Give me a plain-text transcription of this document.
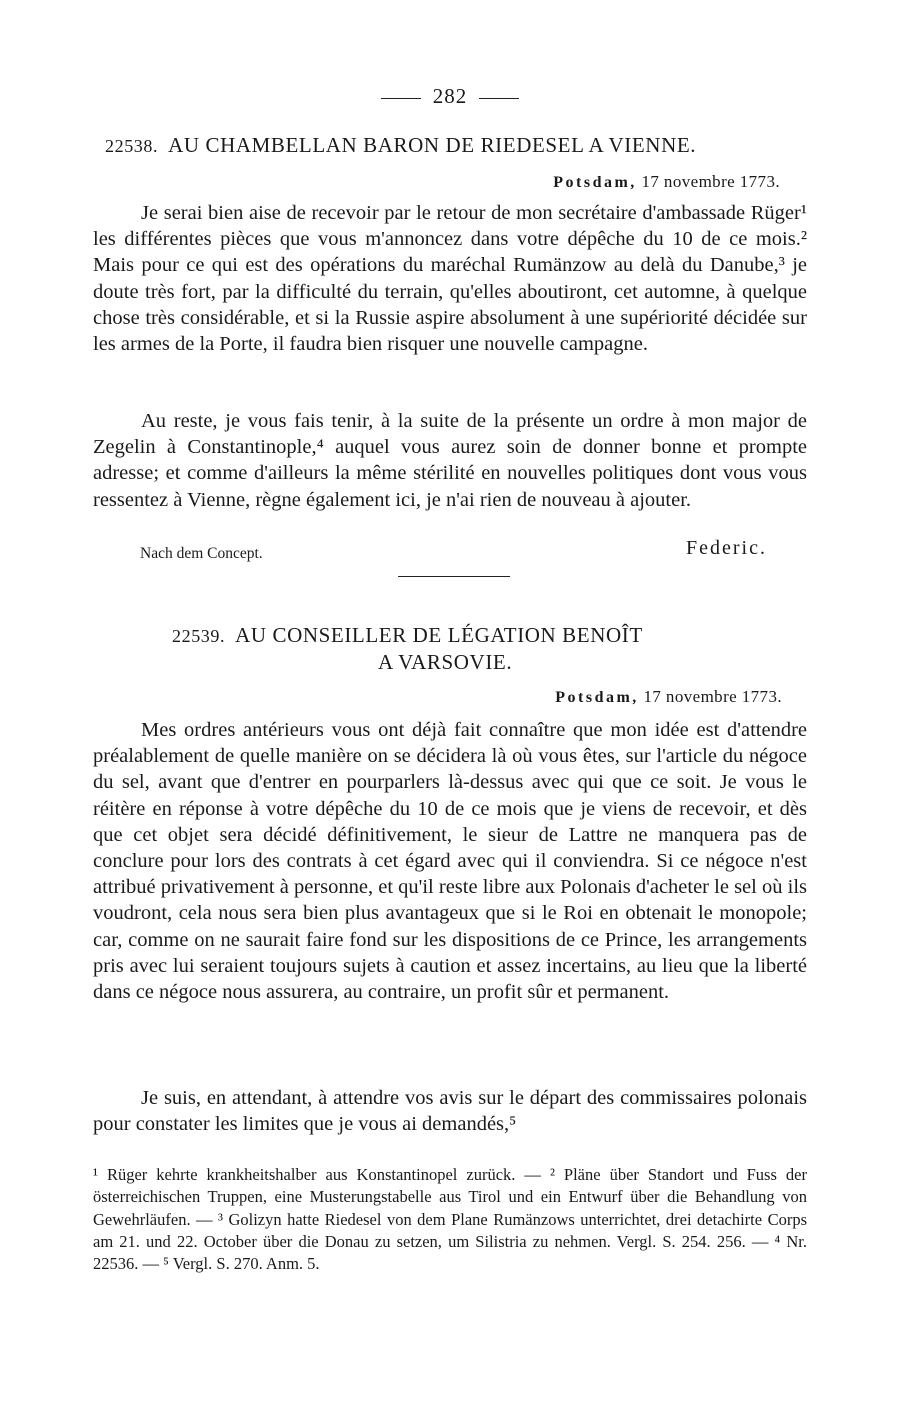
282
22538. AU CHAMBELLAN BARON DE RIEDESEL A VIENNE.
Potsdam, 17 novembre 1773.

Je serai bien aise de recevoir par le retour de mon secrétaire d'ambassade Rüger¹ les différentes pièces que vous m'annoncez dans votre dépêche du 10 de ce mois.² Mais pour ce qui est des opérations du maréchal Rumänzow au delà du Danube,³ je doute très fort, par la difficulté du terrain, qu'elles aboutiront, cet automne, à quelque chose très considérable, et si la Russie aspire absolument à une supériorité décidée sur les armes de la Porte, il faudra bien risquer une nouvelle campagne.

Au reste, je vous fais tenir, à la suite de la présente un ordre à mon major de Zegelin à Constantinople,⁴ auquel vous aurez soin de donner bonne et prompte adresse; et comme d'ailleurs la même stérilité en nouvelles politiques dont vous vous ressentez à Vienne, règne également ici, je n'ai rien de nouveau à ajouter.

Nach dem Concept.	Federic.
22539. AU CONSEILLER DE LÉGATION BENOÎT
A VARSOVIE.
Potsdam, 17 novembre 1773.

Mes ordres antérieurs vous ont déjà fait connaître que mon idée est d'attendre préalablement de quelle manière on se décidera là où vous êtes, sur l'article du négoce du sel, avant que d'entrer en pourparlers là-dessus avec qui que ce soit. Je vous le réitère en réponse à votre dépêche du 10 de ce mois que je viens de recevoir, et dès que cet objet sera décidé définitivement, le sieur de Lattre ne manquera pas de conclure pour lors des contrats à cet égard avec qui il conviendra. Si ce négoce n'est attribué privativement à personne, et qu'il reste libre aux Polonais d'acheter le sel où ils voudront, cela nous sera bien plus avantageux que si le Roi en obtenait le monopole; car, comme on ne saurait faire fond sur les dispositions de ce Prince, les arrangements pris avec lui seraient toujours sujets à caution et assez incertains, au lieu que la liberté dans ce négoce nous assurera, au contraire, un profit sûr et permanent.

Je suis, en attendant, à attendre vos avis sur le départ des commissaires polonais pour constater les limites que je vous ai demandés,⁵

¹ Rüger kehrte krankheitshalber aus Konstantinopel zurück. — ² Pläne über Standort und Fuss der österreichischen Truppen, eine Musterungstabelle aus Tirol und ein Entwurf über die Behandlung von Gewehrläufen. — ³ Golizyn hatte Riedesel von dem Plane Rumänzows unterrichtet, drei detachirte Corps am 21. und 22. October über die Donau zu setzen, um Silistria zu nehmen. Vergl. S. 254. 256. — ⁴ Nr. 22536. — ⁵ Vergl. S. 270. Anm. 5.
